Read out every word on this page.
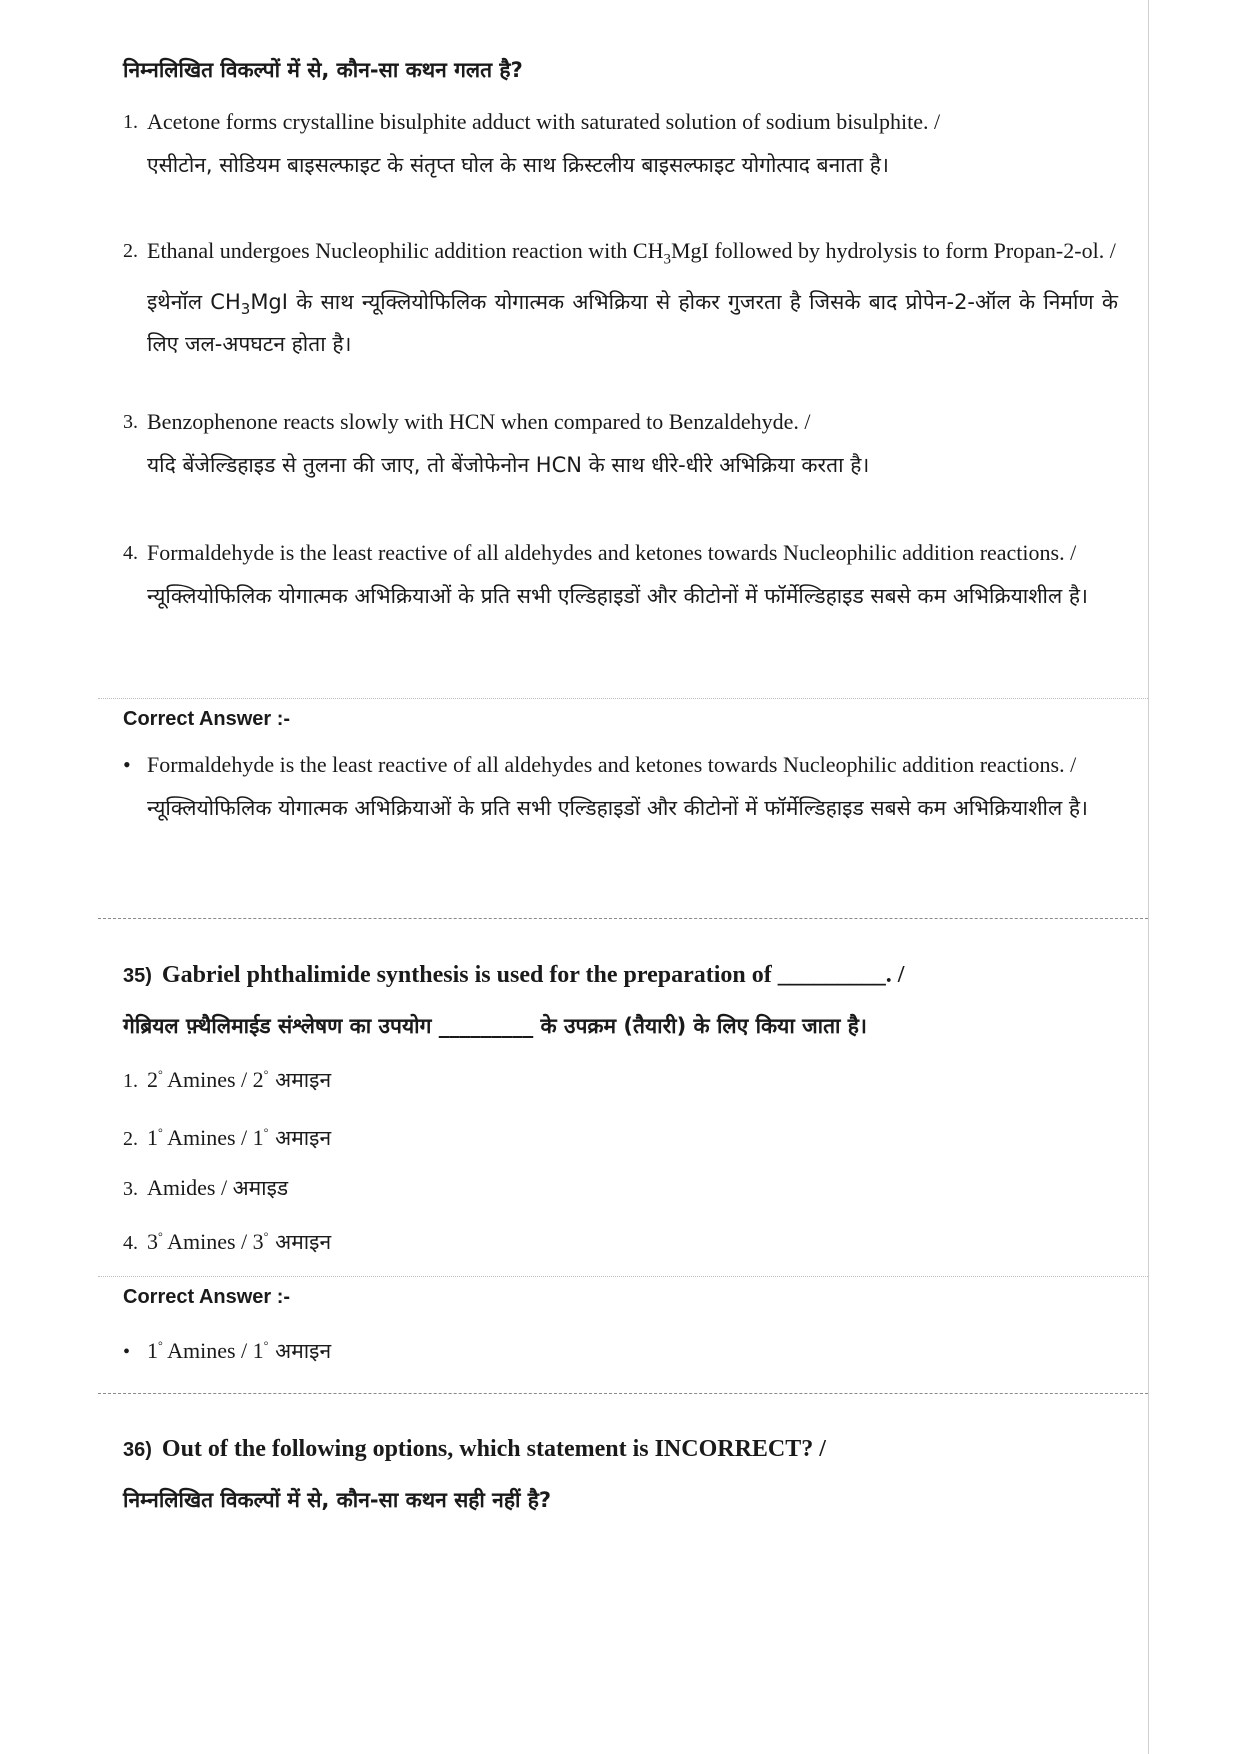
निम्नलिखित विकल्पों में से, कौन-सा कथन गलत है?
1. Acetone forms crystalline bisulphite adduct with saturated solution of sodium bisulphite. /
एसीटोन, सोडियम बाइसल्फाइट के संतृप्त घोल के साथ क्रिस्टलीय बाइसल्फाइट योगोत्पाद बनाता है।
2. Ethanal undergoes Nucleophilic addition reaction with $CH_3MgI$ followed by hydrolysis to form Propan-2-ol. /
इथेनॉल $CH_3MgI$ के साथ न्यूक्लियोफिलिक योगात्मक अभिक्रिया से होकर गुजरता है जिसके बाद प्रोपेन-2-ऑल के निर्माण के लिए जल-अपघटन होता है।
3. Benzophenone reacts slowly with HCN when compared to Benzaldehyde. /
यदि बेंजेल्डिहाइड से तुलना की जाए, तो बेंजोफेनोन HCN के साथ धीरे-धीरे अभिक्रिया करता है।
4. Formaldehyde is the least reactive of all aldehydes and ketones towards Nucleophilic addition reactions. /
न्यूक्लियोफिलिक योगात्मक अभिक्रियाओं के प्रति सभी एल्डिहाइडों और कीटोनों में फॉर्मेल्डिहाइड सबसे कम अभिक्रियाशील है।
Correct Answer :-
• Formaldehyde is the least reactive of all aldehydes and ketones towards Nucleophilic addition reactions. /
न्यूक्लियोफिलिक योगात्मक अभिक्रियाओं के प्रति सभी एल्डिहाइडों और कीटोनों में फॉर्मेल्डिहाइड सबसे कम अभिक्रियाशील है।
35) Gabriel phthalimide synthesis is used for the preparation of _________. /
गेब्रियल फ़्थैलिमाईड संश्लेषण का उपयोग _________ के उपक्रम (तैयारी) के लिए किया जाता है।
1. 2° Amines / 2° अमाइन
2. 1° Amines / 1° अमाइन
3. Amides / अमाइड
4. 3° Amines / 3° अमाइन
Correct Answer :-
• 1° Amines / 1° अमाइन
36) Out of the following options, which statement is INCORRECT? /
निम्नलिखित विकल्पों में से, कौन-सा कथन सही नहीं है?
